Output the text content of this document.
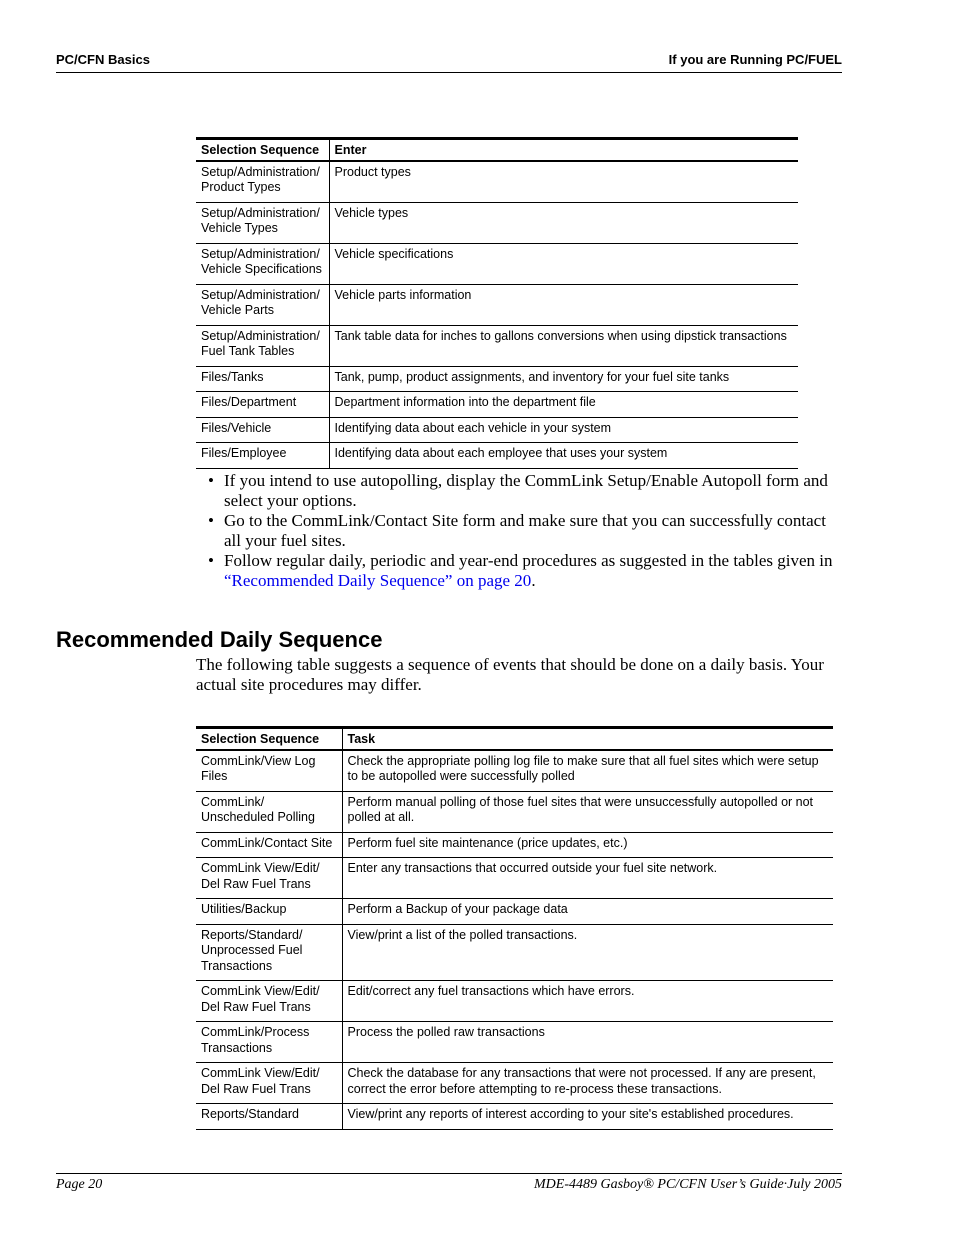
PC/CFN Basics	If you are Running PC/FUEL
Selection Sequence	Enter
Setup/Administration/ Product Types	Product types
Setup/Administration/ Vehicle Types	Vehicle types
Setup/Administration/ Vehicle Specifications	Vehicle specifications
Setup/Administration/ Vehicle Parts	Vehicle parts information
Setup/Administration/ Fuel Tank Tables	Tank table data for inches to gallons conversions when using dipstick transactions
Files/Tanks	Tank, pump, product assignments, and inventory for your fuel site tanks
Files/Department	Department information into the department file
Files/Vehicle	Identifying data about each vehicle in your system
Files/Employee	Identifying data about each employee that uses your system
• If you intend to use autopolling, display the CommLink Setup/Enable Autopoll form and select your options.
• Go to the CommLink/Contact Site form and make sure that you can successfully contact all your fuel sites.
• Follow regular daily, periodic and year-end procedures as suggested in the tables given in “Recommended Daily Sequence” on page 20.
Recommended Daily Sequence

The following table suggests a sequence of events that should be done on a daily basis. Your actual site procedures may differ.

Selection Sequence	Task
CommLink/View Log Files	Check the appropriate polling log file to make sure that all fuel sites which were setup to be autopolled were successfully polled
CommLink/ Unscheduled Polling	Perform manual polling of those fuel sites that were unsuccessfully autopolled or not polled at all.
CommLink/Contact Site	Perform fuel site maintenance (price updates, etc.)
CommLink View/Edit/ Del Raw Fuel Trans	Enter any transactions that occurred outside your fuel site network.
Utilities/Backup	Perform a Backup of your package data
Reports/Standard/ Unprocessed Fuel Transactions	View/print a list of the polled transactions.
CommLink View/Edit/ Del Raw Fuel Trans	Edit/correct any fuel transactions which have errors.
CommLink/Process Transactions	Process the polled raw transactions
CommLink View/Edit/ Del Raw Fuel Trans	Check the database for any transactions that were not processed. If any are present, correct the error before attempting to re-process these transactions.
Reports/Standard	View/print any reports of interest according to your site's established procedures.
Page 20	MDE-4489 Gasboy® PC/CFN User’s Guide·July 2005
